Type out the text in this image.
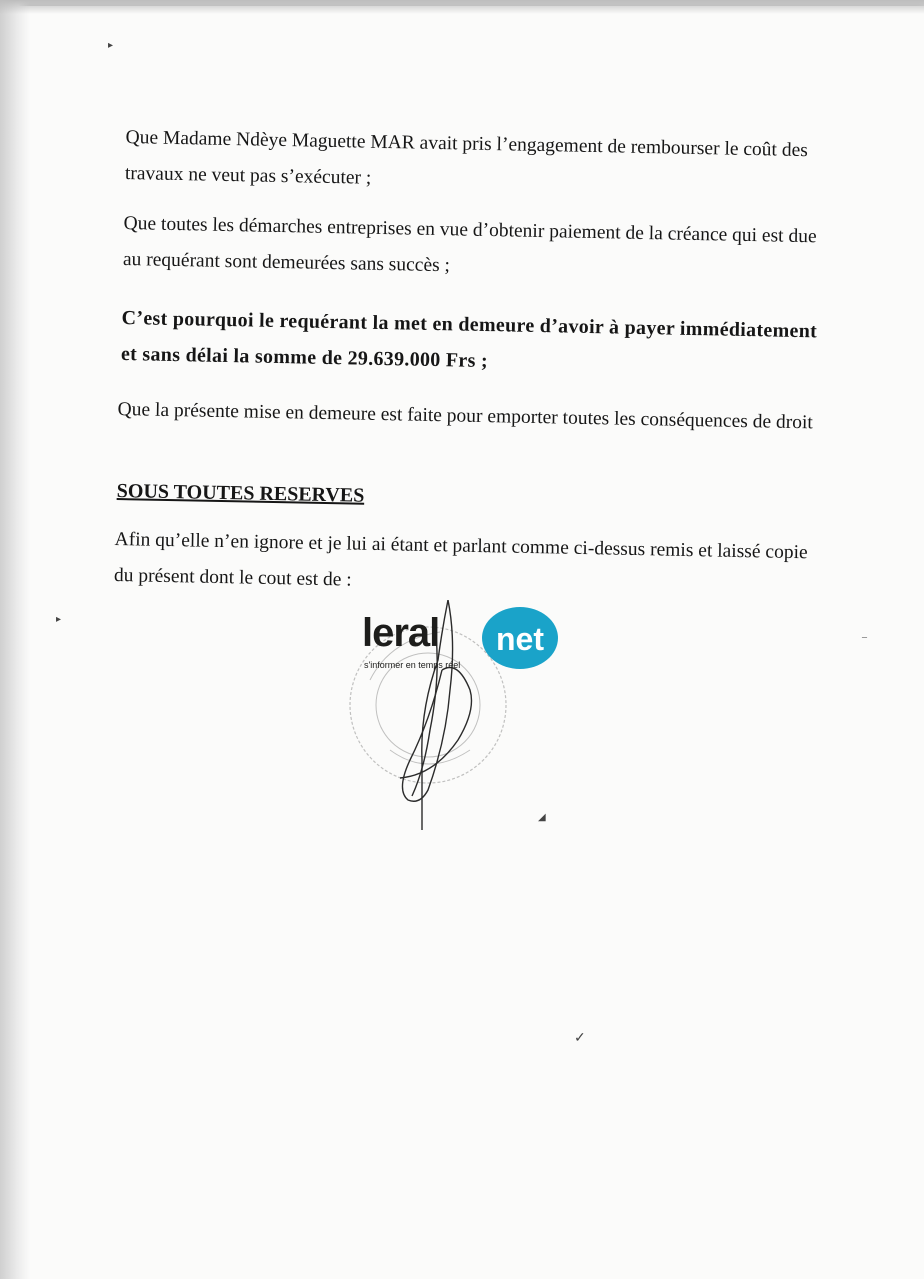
▸
▸
–
◢

Que Madame Ndèye Maguette MAR avait pris l’engagement de rembourser le coût des travaux ne veut pas s’exécuter ;

Que toutes les démarches entreprises en vue d’obtenir paiement de la créance qui est due au requérant sont demeurées sans succès ;

C’est pourquoi le requérant la met en demeure d’avoir à payer immédiatement et sans délai la somme de 29.639.000 Frs ;

Que la présente mise en demeure est faite pour emporter toutes les conséquences de droit

SOUS TOUTES RESERVES

Afin qu’elle n’en ignore et je lui ai étant et parlant comme ci-dessus remis et laissé copie du présent dont le cout est de :

leral net
s'informer en temps réel
✓
